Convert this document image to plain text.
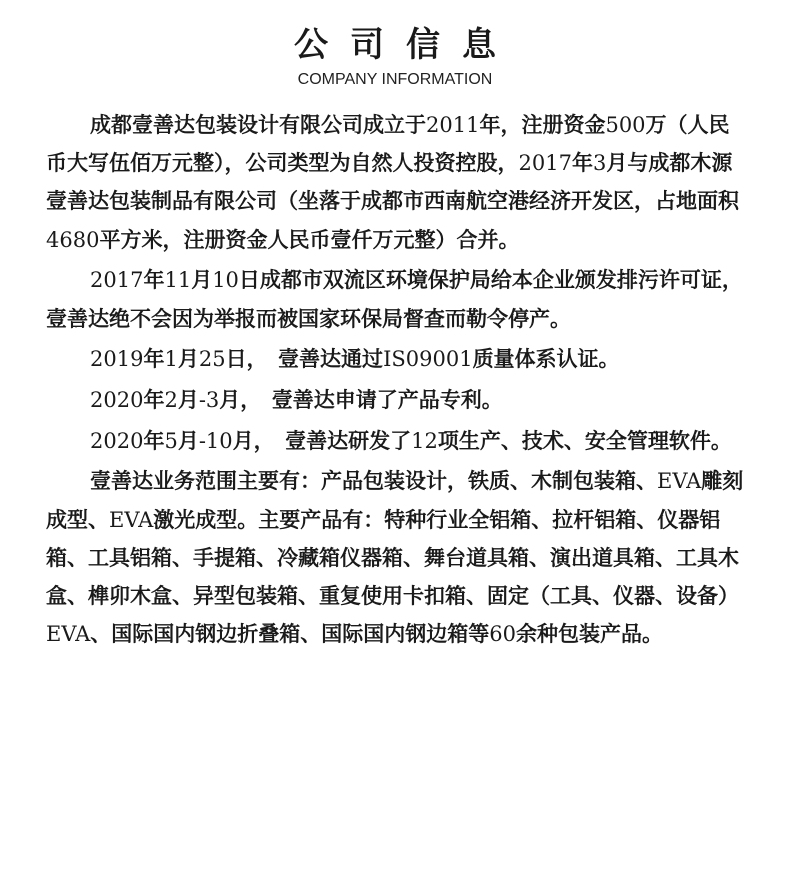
公司信息
COMPANY INFORMATION

成都壹善达包装设计有限公司成立于2011年，注册资金500万（人民币大写伍佰万元整），公司类型为自然人投资控股，2017年3月与成都木源壹善达包装制品有限公司（坐落于成都市西南航空港经济开发区，占地面积4680平方米，注册资金人民币壹仟万元整）合并。

2017年11月10日成都市双流区环境保护局给本企业颁发排污许可证，壹善达绝不会因为举报而被国家环保局督查而勒令停产。

2019年1月25日，　壹善达通过IS09001质量体系认证。

2020年2月-3月，　壹善达申请了产品专利。

2020年5月-10月，　壹善达研发了12项生产、技术、安全管理软件。

壹善达业务范围主要有：产品包装设计，铁质、木制包装箱、EVA雕刻成型、EVA激光成型。主要产品有：特种行业全铝箱、拉杆铝箱、仪器铝箱、工具铝箱、手提箱、冷藏箱仪器箱、舞台道具箱、演出道具箱、工具木盒、榫卯木盒、异型包装箱、重复使用卡扣箱、固定（工具、仪器、设备）EVA、国际国内钢边折叠箱、国际国内钢边箱等60余种包装产品。
